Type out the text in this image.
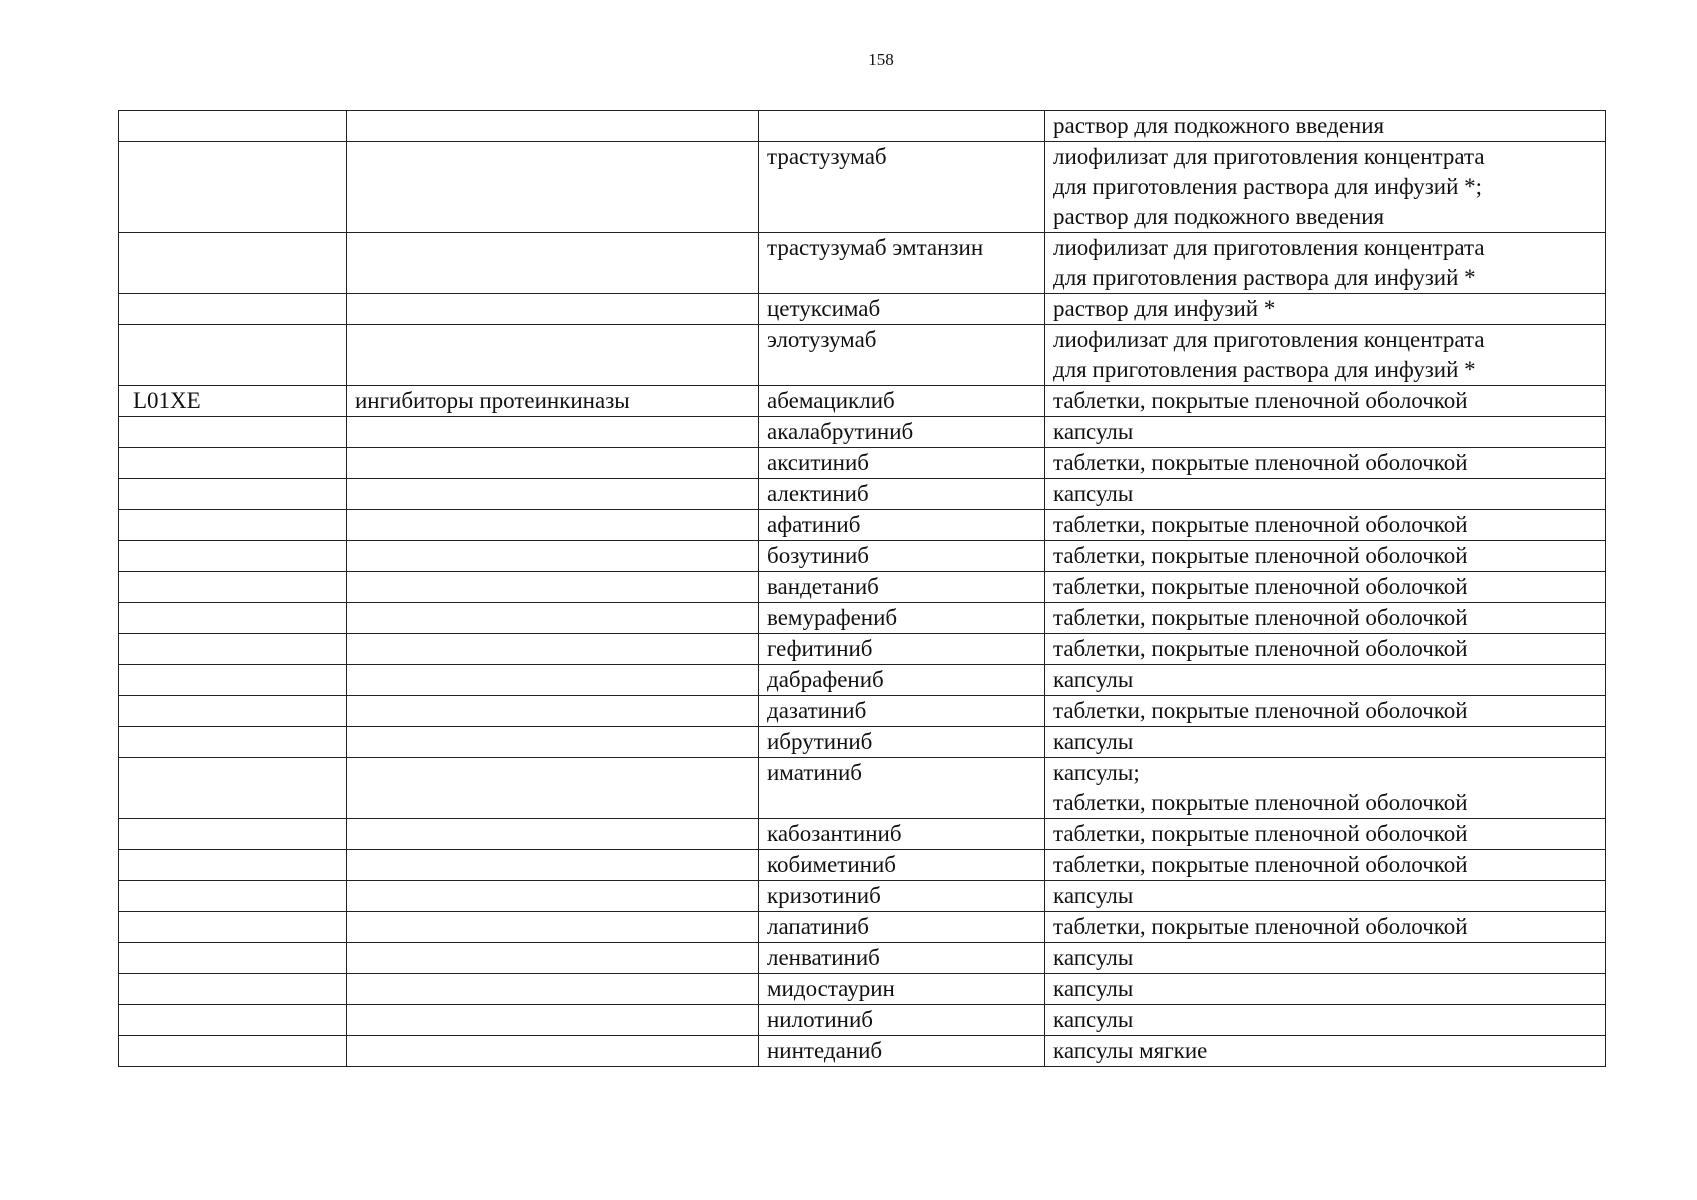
158
			раствор для подкожного введения
		трастузумаб	лиофилизат для приготовления концентрата
для приготовления раствора для инфузий *;
раствор для подкожного введения
		трастузумаб эмтанзин	лиофилизат для приготовления концентрата
для приготовления раствора для инфузий *
		цетуксимаб	раствор для инфузий *
		элотузумаб	лиофилизат для приготовления концентрата
для приготовления раствора для инфузий *
L01XE	ингибиторы протеинкиназы	абемациклиб	таблетки, покрытые пленочной оболочкой
		акалабрутиниб	капсулы
		акситиниб	таблетки, покрытые пленочной оболочкой
		алектиниб	капсулы
		афатиниб	таблетки, покрытые пленочной оболочкой
		бозутиниб	таблетки, покрытые пленочной оболочкой
		вандетаниб	таблетки, покрытые пленочной оболочкой
		вемурафениб	таблетки, покрытые пленочной оболочкой
		гефитиниб	таблетки, покрытые пленочной оболочкой
		дабрафениб	капсулы
		дазатиниб	таблетки, покрытые пленочной оболочкой
		ибрутиниб	капсулы
		иматиниб	капсулы;
таблетки, покрытые пленочной оболочкой
		кабозантиниб	таблетки, покрытые пленочной оболочкой
		кобиметиниб	таблетки, покрытые пленочной оболочкой
		кризотиниб	капсулы
		лапатиниб	таблетки, покрытые пленочной оболочкой
		ленватиниб	капсулы
		мидостаурин	капсулы
		нилотиниб	капсулы
		нинтеданиб	капсулы мягкие
